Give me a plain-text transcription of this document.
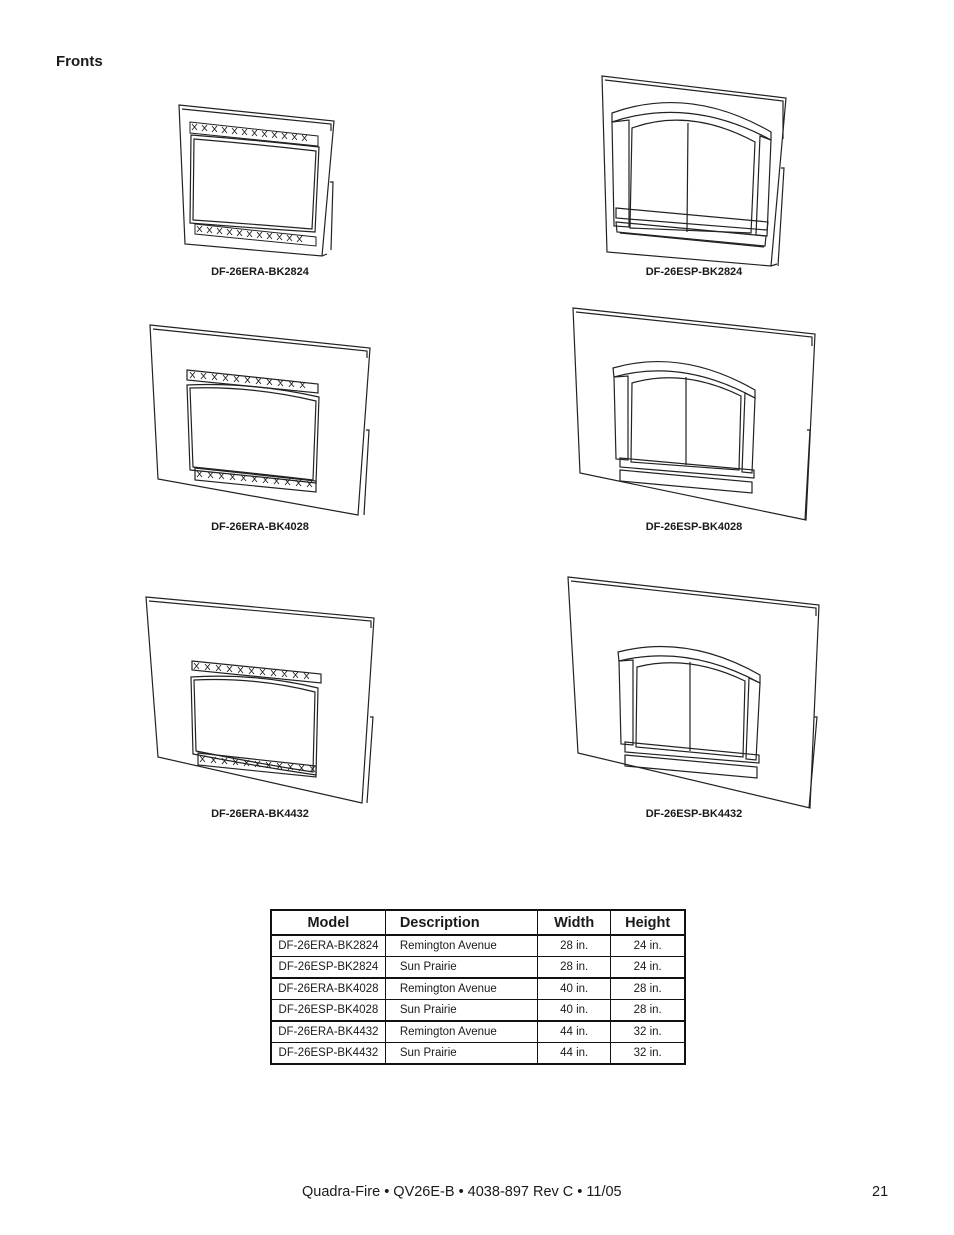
Fronts
DF-26ERA-BK2824	DF-26ESP-BK2824
DF-26ERA-BK4028	DF-26ESP-BK4028
DF-26ERA-BK4432	DF-26ESP-BK4432
Model	Description	Width	Height
DF-26ERA-BK2824	Remington Avenue	28 in.	24 in.
DF-26ESP-BK2824	Sun Prairie	28 in.	24 in.
DF-26ERA-BK4028	Remington Avenue	40 in.	28 in.
DF-26ESP-BK4028	Sun Prairie	40 in.	28 in.
DF-26ERA-BK4432	Remington Avenue	44 in.	32 in.
DF-26ESP-BK4432	Sun Prairie	44 in.	32 in.
Quadra-Fire • QV26E-B • 4038-897 Rev C • 11/05	21
